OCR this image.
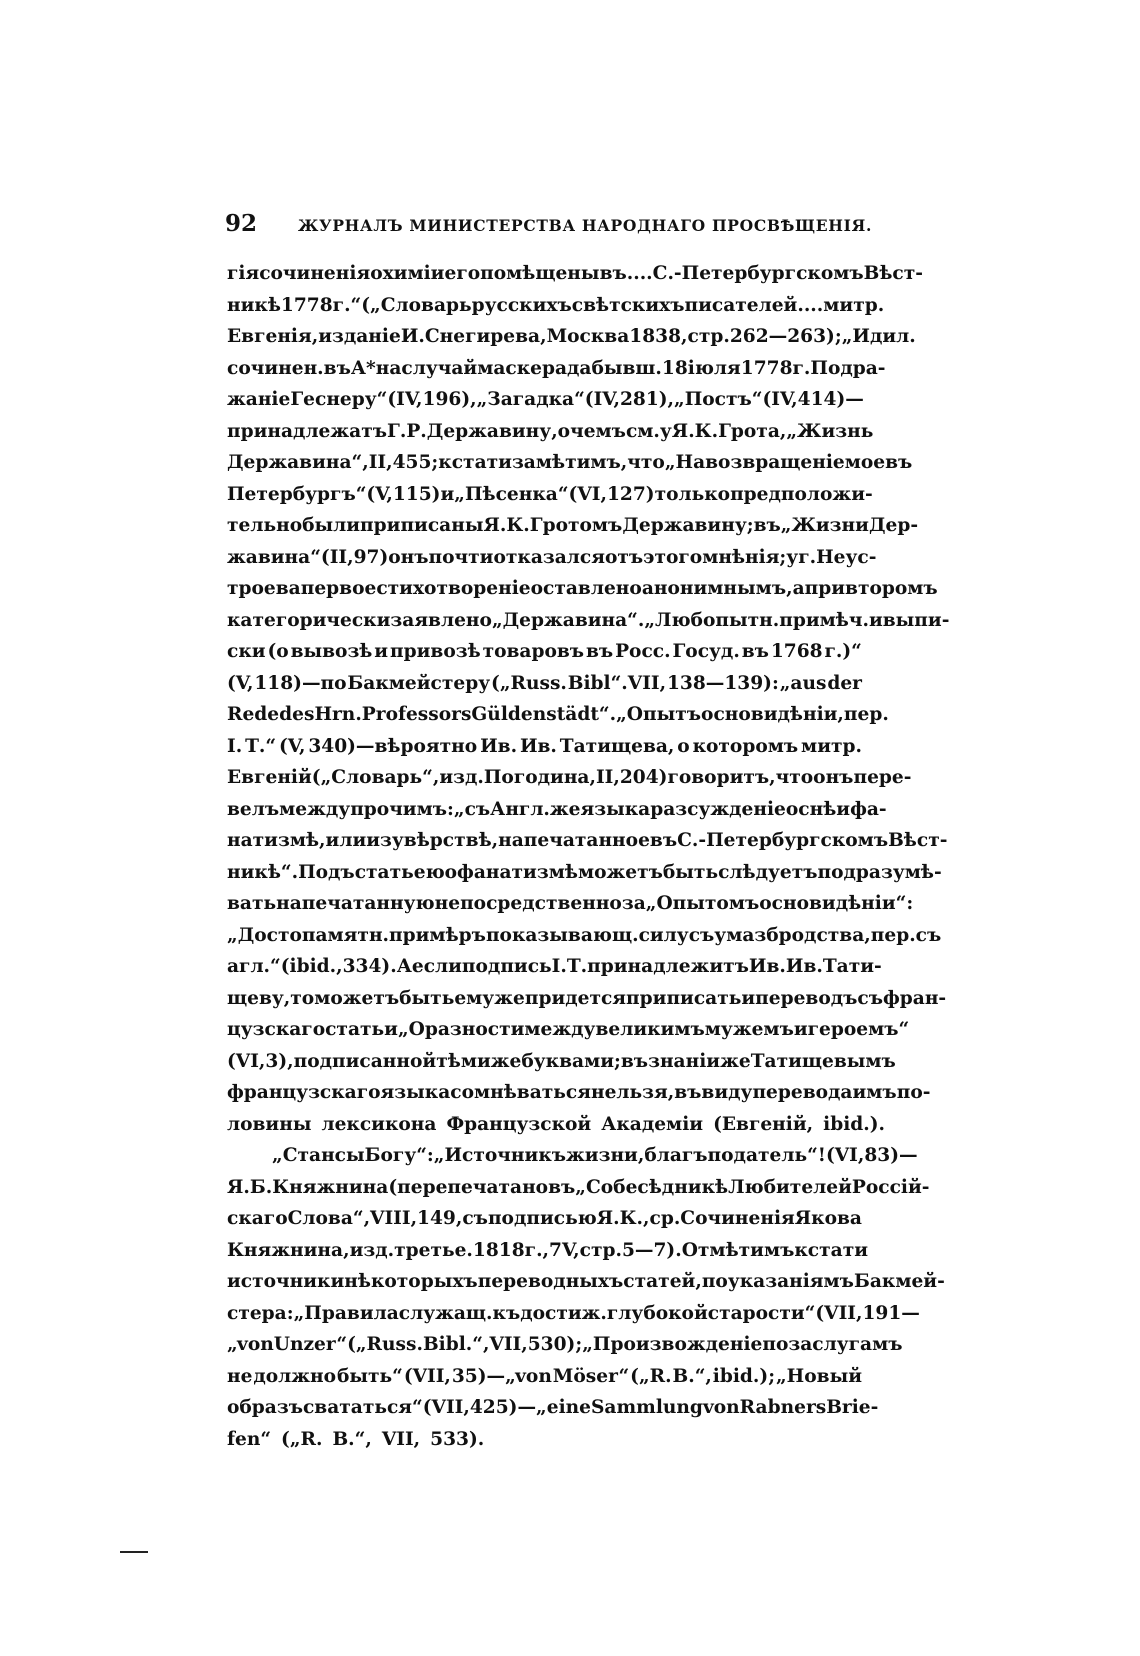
92	ЖУРНАЛЪ МИНИСТЕРСТВА НАРОДНАГО ПРОСВѢЩЕНІЯ.
гія сочиненія о химіи его помѣщены въ.... С.-Петербургскомъ Вѣст-
никѣ 1778 г.“ („Словарь русскихъ свѣтскихъ писателей.... митр.
Евгенія, изданіе И. Снегирева, Москва 1838, стр. 262—263); „Идил.
сочинен. въ А* на случай маскерада бывш. 18 іюля 1778 г. Подра-
жаніе Геснеру“ (IV, 196), „Загадка“ (IV, 281), „Постъ“ (IV, 414)—
принадлежатъ Г. Р. Державину, о чемъ см. у Я. К. Грота, „Жизнь
Державина“, II, 455; кстати замѣтимъ, что „На возвращеніе мое въ
Петербургъ“ (V, 115) и „Пѣсенка“ (VI, 127) только предположи-
тельно были приписаны Я. К. Гротомъ Державину; въ „Жизни Дер-
жавина“ (II, 97) онъ почти отказался отъ этого мнѣнія; у г. Неус-
троева первое стихотвореніе оставлено анонимнымъ, а при второмъ
категорически заявлено „Державина“. „Любопытн. примѣч. и выпи-
ски (о вывозѣ и привозѣ товаровъ въ Росс. Госуд. въ 1768 г.)“
(V, 118)—по Бакмейстеру („Russ. Bibl“.VII, 138—139): „aus der
Rede des Hrn. Professors Güldenstädt“. „Опытъ о сновидѣніи, пер.
I. Т.“ (V, 340)—вѣроятно Ив. Ив. Татищева, о которомъ митр.
Евгеній („Словарь“, изд. Погодина, II, 204) говоритъ, что онъ пере-
велъ между прочимъ: „съ Англ. же языка разсужденіе о снѣ и фа-
натизмѣ, или изувѣрствѣ, напечатанное въ С.-Петербургскомъ Вѣст-
никѣ“. Подъ статьею о фанатизмѣ можетъ быть слѣдуетъ подразумѣ-
вать напечатанную непосредственно за „Опытомъ о сновидѣніи“:
„Достопамятн. примѣръ показывающ. силу съумазбродства, пер. съ
агл.“ (ibid., 334). А если подпись I. Т. принадлежитъ Ив. Ив. Тати-
щеву, то можетъ быть ему же придется приписать и переводъ съ фран-
цузскаго статьи „О разности между великимъ мужемъ и героемъ“
(VI, 3), подписанной тѣми же буквами; въ знаніи же Татищевымъ
французскаго языка сомнѣваться нельзя, въ виду перевода имъ по-
ловины лексикона Французской Академіи (Евгеній, ibid.).
„Стансы Богу“: „Источникъ жизни, благъ податель“! (VI, 83)—
Я. Б. Княжнина (перепечатано въ „Собесѣдникѣ Любителей Россій-
скаго Слова“, VIII, 149, съ подписью Я. К., ср. Сочиненія Якова
Княжнина, изд. третье. 1818 г., 7 V, стр. 5—7). Отмѣтимъ кстати
источники нѣкоторыхъ переводныхъ статей, по указаніямъ Бакмей-
стера: „Правила служащ. къ достиж. глубокой старости“ (VII, 191—
„von Unzer“ („Russ. Bibl.“, VII, 530); „Произвожденіе по заслугамъ
не должно быть“ (VII, 35)—„von Möser“ („R. B.“, ibid.); „Новый
образъ свататься“ (VII, 425)—„eine Sammlung von Rabners Brie-
fen“ („R. B.“, VII, 533).
